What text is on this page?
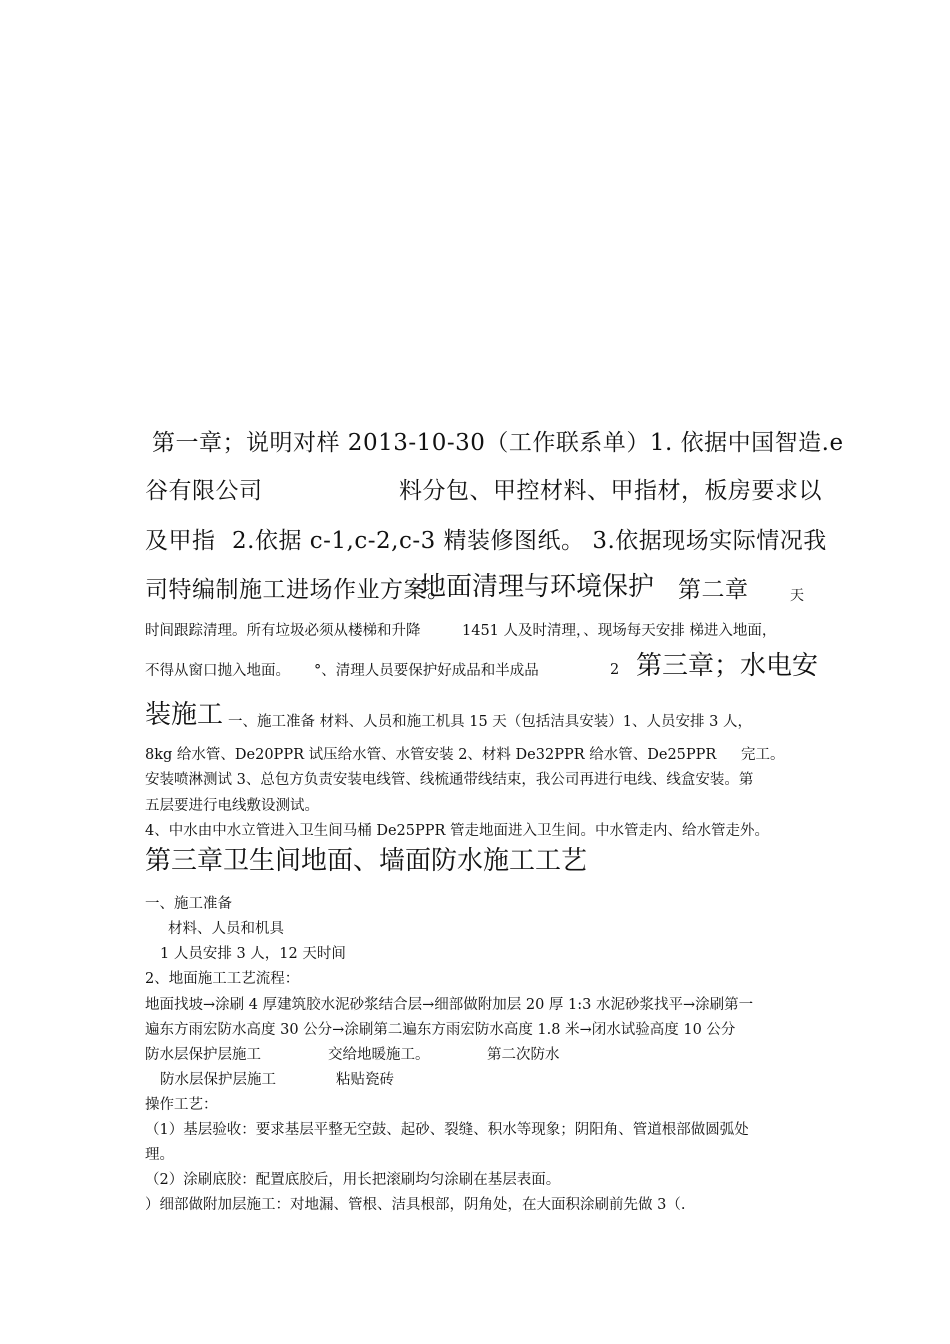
第一章；说明对样 2013-10-30（工作联系单）1. 依据中国智造.e

谷有限公司	料分包、甲控材料、甲指材，板房要求以

及甲指 2.依据 c-1,c-2,c-3 精装修图纸。 3.依据现场实际情况我

司特编制施工进场作业方案。

地面清理与环境保护 第二章	天

时间跟踪清理。所有垃圾必须从楼梯和升降	1451 人及时清理，、现场每天安排 梯进入地面，

不得从窗口抛入地面。 °、清理人员要保护好成品和半成品	2 第三章；水电安

装施工 一、施工准备 材料、人员和施工机具 15 天（包括洁具安装）1、人员安排 3 人，

8kg 给水管、De20PPR 试压给水管、水管安装 2、材料 De32PPR 给水管、De25PPR 完工。

安装喷淋测试 3、总包方负责安装电线管、线梳通带线结束，我公司再进行电线、线盒安装。第

五层要进行电线敷设测试。

4、中水由中水立管进入卫生间马桶 De25PPR 管走地面进入卫生间。中水管走内、给水管走外。

第三章卫生间地面、墙面防水施工工艺

一、施工准备

材料、人员和机具

1 人员安排 3 人，12 天时间

2、地面施工工艺流程：

地面找坡→涂刷 4 厚建筑胶水泥砂浆结合层→细部做附加层 20 厚 1:3 水泥砂浆找平→涂刷第一

遍东方雨宏防水高度 30 公分→涂刷第二遍东方雨宏防水高度 1.8 米→闭水试验高度 10 公分

防水层保护层施工	交给地暖施工。	第二次防水

防水层保护层施工	粘贴瓷砖

操作工艺：

（1）基层验收：要求基层平整无空鼓、起砂、裂缝、积水等现象；阴阳角、管道根部做圆弧处

理。

（2）涂刷底胶：配置底胶后，用长把滚刷均匀涂刷在基层表面。

）细部做附加层施工：对地漏、管根、洁具根部，阴角处，在大面积涂刷前先做 3（.
